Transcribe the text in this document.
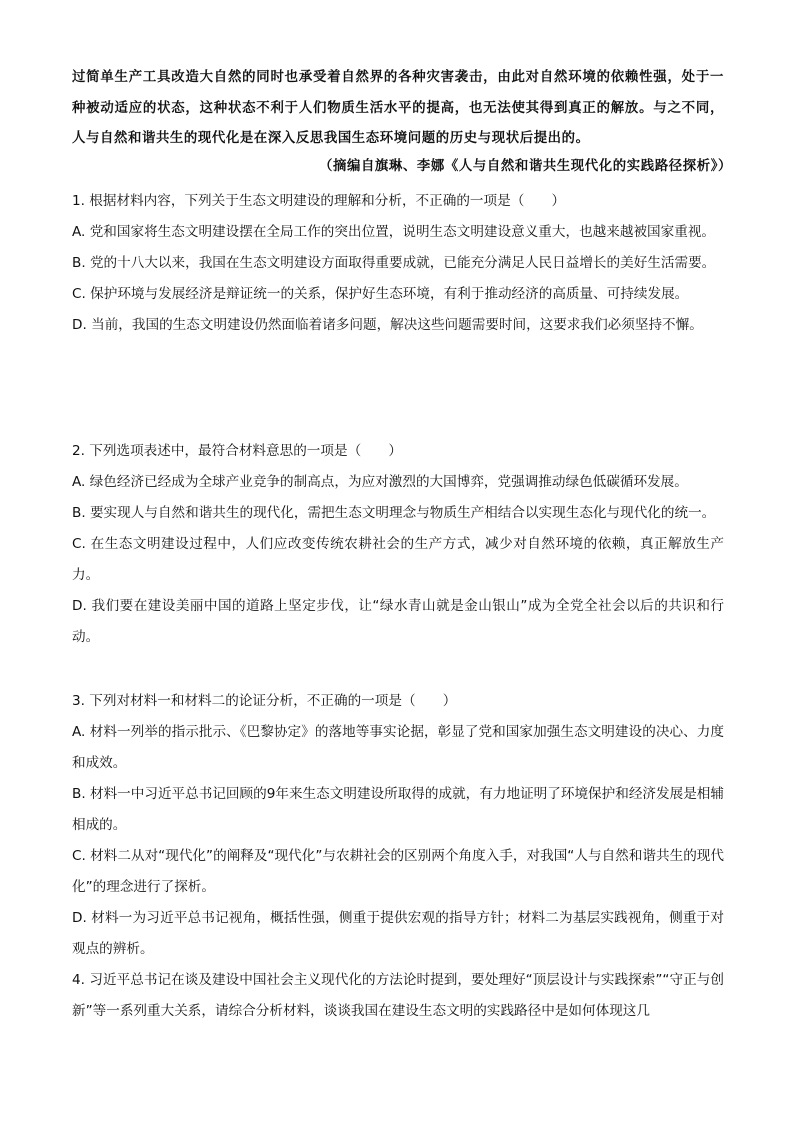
过简单生产工具改造大自然的同时也承受着自然界的各种灾害袭击，由此对自然环境的依赖性强，处于一种被动适应的状态，这种状态不利于人们物质生活水平的提高，也无法使其得到真正的解放。与之不同，人与自然和谐共生的现代化是在深入反思我国生态环境问题的历史与现状后提出的。
（摘编自旗琳、李娜《人与自然和谐共生现代化的实践路径探析》）
1. 根据材料内容，下列关于生态文明建设的理解和分析，不正确的一项是（　　）
A. 党和国家将生态文明建设摆在全局工作的突出位置，说明生态文明建设意义重大，也越来越被国家重视。
B. 党的十八大以来，我国在生态文明建设方面取得重要成就，已能充分满足人民日益增长的美好生活需要。
C. 保护环境与发展经济是辩证统一的关系，保护好生态环境，有利于推动经济的高质量、可持续发展。
D. 当前，我国的生态文明建设仍然面临着诸多问题，解决这些问题需要时间，这要求我们必须坚持不懈。
2. 下列选项表述中，最符合材料意思的一项是（　　）
A. 绿色经济已经成为全球产业竞争的制高点，为应对激烈的大国博弈，党强调推动绿色低碳循环发展。
B. 要实现人与自然和谐共生的现代化，需把生态文明理念与物质生产相结合以实现生态化与现代化的统一。
C. 在生态文明建设过程中，人们应改变传统农耕社会的生产方式，减少对自然环境的依赖，真正解放生产力。
D. 我们要在建设美丽中国的道路上坚定步伐，让“绿水青山就是金山银山”成为全党全社会以后的共识和行动。
3. 下列对材料一和材料二的论证分析，不正确的一项是（　　）
A. 材料一列举的指示批示、《巴黎协定》的落地等事实论据，彰显了党和国家加强生态文明建设的决心、力度和成效。
B. 材料一中习近平总书记回顾的9年来生态文明建设所取得的成就，有力地证明了环境保护和经济发展是相辅相成的。
C. 材料二从对“现代化”的阐释及“现代化”与农耕社会的区别两个角度入手，对我国“人与自然和谐共生的现代化”的理念进行了探析。
D. 材料一为习近平总书记视角，概括性强，侧重于提供宏观的指导方针；材料二为基层实践视角，侧重于对观点的辨析。
4. 习近平总书记在谈及建设中国社会主义现代化的方法论时提到，要处理好“顶层设计与实践探索”“守正与创新”等一系列重大关系，请综合分析材料，谈谈我国在建设生态文明的实践路径中是如何体现这几
